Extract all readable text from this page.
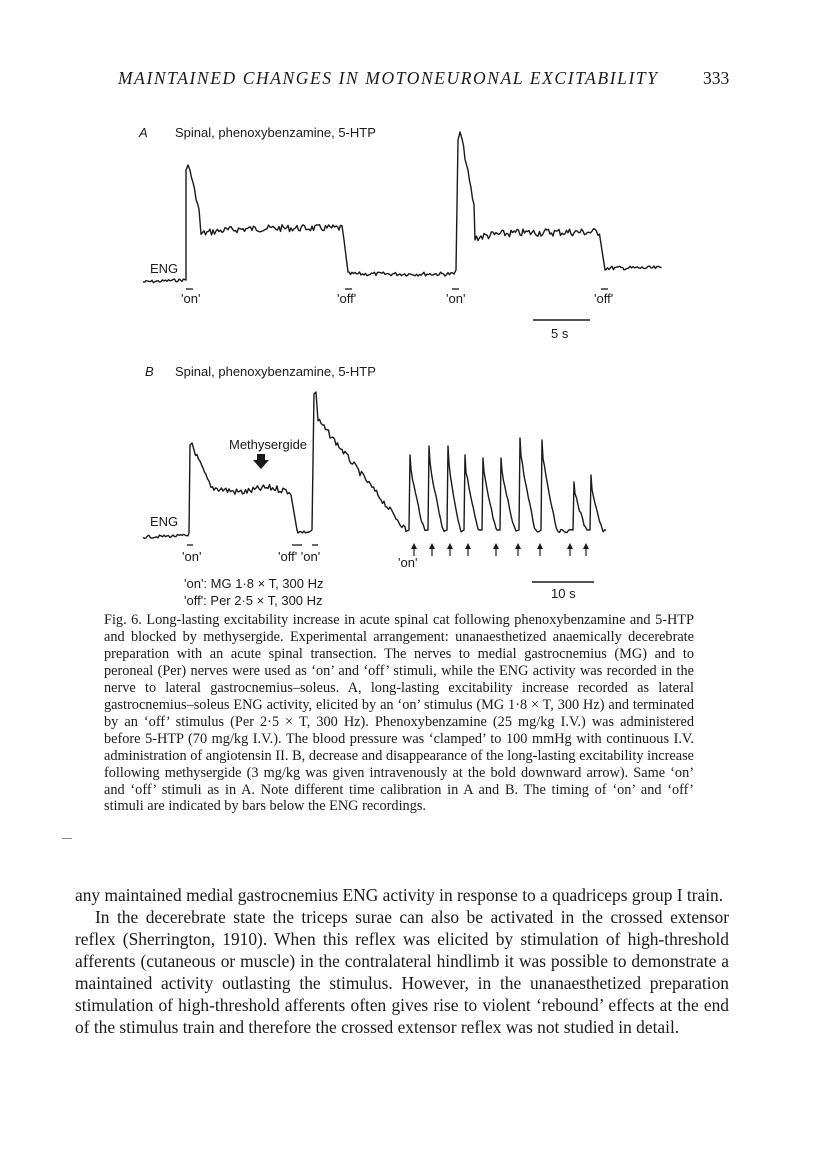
MAINTAINED CHANGES IN MOTONEURONAL EXCITABILITY	333
A Spinal, phenoxybenzamine, 5-HTP
ENG
'on'	'off'	'on'	'off'
5 s
B Spinal, phenoxybenzamine, 5-HTP
ENG
Methysergide
'on'	'off' 'on'	'on'
'on': MG 1·8 × T, 300 Hz
'off': Per 2·5 × T, 300 Hz	10 s

Fig. 6. Long-lasting excitability increase in acute spinal cat following phenoxybenzamine and 5-HTP and blocked by methysergide. Experimental arrangement: unanaesthetized anaemically decerebrate preparation with an acute spinal transection. The nerves to medial gastrocnemius (MG) and to peroneal (Per) nerves were used as ‘on’ and ‘off’ stimuli, while the ENG activity was recorded in the nerve to lateral gastrocnemius–soleus. A, long-lasting excitability increase recorded as lateral gastrocnemius–soleus ENG activity, elicited by an ‘on’ stimulus (MG 1·8 × T, 300 Hz) and terminated by an ‘off’ stimulus (Per 2·5 × T, 300 Hz). Phenoxybenzamine (25 mg/kg I.V.) was administered before 5-HTP (70 mg/kg I.V.). The blood pressure was ‘clamped’ to 100 mmHg with continuous I.V. administration of angiotensin II. B, decrease and disappearance of the long-lasting excitability increase following methysergide (3 mg/kg was given intravenously at the bold downward arrow). Same ‘on’ and ‘off’ stimuli as in A. Note different time calibration in A and B. The timing of ‘on’ and ‘off’ stimuli are indicated by bars below the ENG recordings.

any maintained medial gastrocnemius ENG activity in response to a quadriceps group I train.

In the decerebrate state the triceps surae can also be activated in the crossed extensor reflex (Sherrington, 1910). When this reflex was elicited by stimulation of high-threshold afferents (cutaneous or muscle) in the contralateral hindlimb it was possible to demonstrate a maintained activity outlasting the stimulus. However, in the unanaesthetized preparation stimulation of high-threshold afferents often gives rise to violent ‘rebound’ effects at the end of the stimulus train and therefore the crossed extensor reflex was not studied in detail.
